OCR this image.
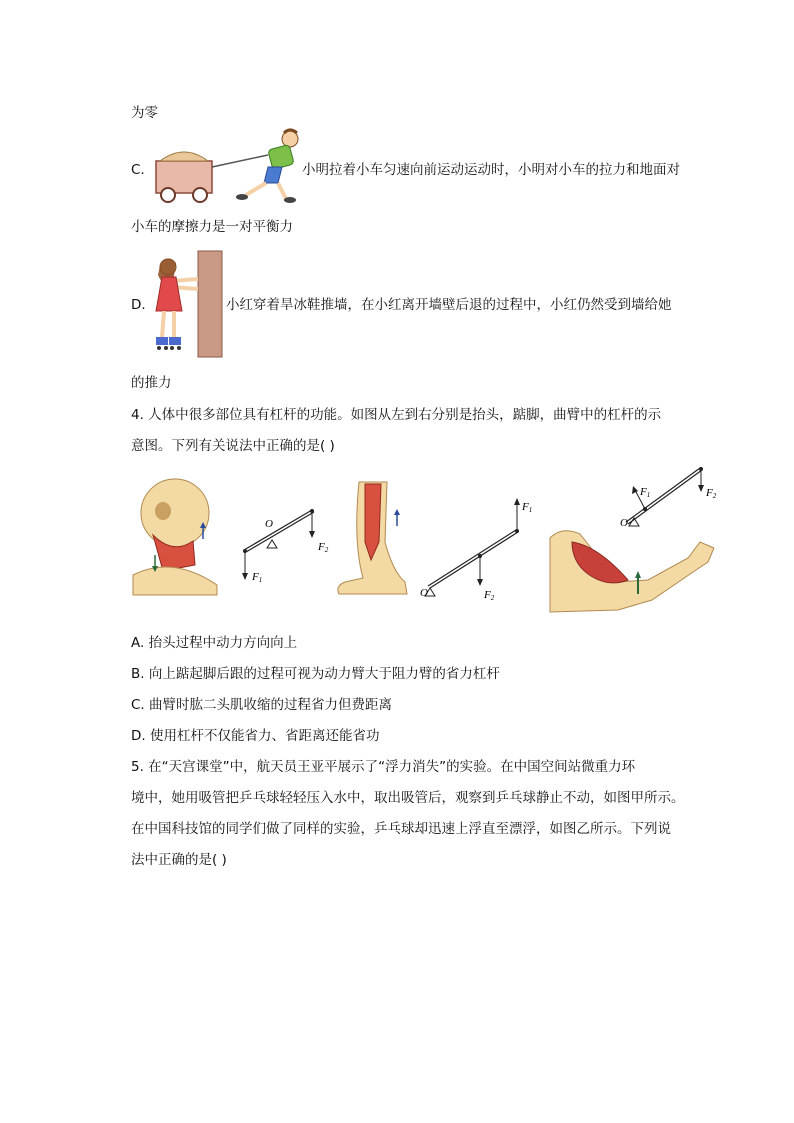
为零
C.	小明拉着小车匀速向前运动运动时，小明对小车的拉力和地面对
小车的摩擦力是一对平衡力
D.	小红穿着旱冰鞋推墙，在小红离开墙壁后退的过程中，小红仍然受到墙给她
的推力
4. 人体中很多部位具有杠杆的功能。如图从左到右分别是抬头，踮脚，曲臂中的杠杆的示
意图。下列有关说法中正确的是( )
O
F1
F2
O
F1
F2
O
F1	F2
A. 抬头过程中动力方向向上
B. 向上踮起脚后跟的过程可视为动力臂大于阻力臂的省力杠杆
C. 曲臂时肱二头肌收缩的过程省力但费距离
D. 使用杠杆不仅能省力、省距离还能省功
5. 在“天宫课堂”中，航天员王亚平展示了“浮力消失”的实验。在中国空间站微重力环
境中，她用吸管把乒乓球轻轻压入水中，取出吸管后，观察到乒乓球静止不动，如图甲所示。
在中国科技馆的同学们做了同样的实验，乒乓球却迅速上浮直至漂浮，如图乙所示。下列说
法中正确的是( )
